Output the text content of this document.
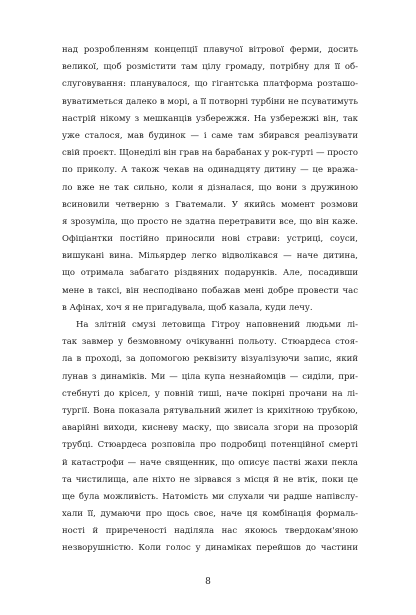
над розробленням концепції плавучої вітрової ферми, досить
великої, щоб розмістити там цілу громаду, потрібну для її об-
слуговування: планувалося, що гігантська платформа розташо-
вуватиметься далеко в морі, а її потворні турбіни не псуватимуть
настрій нікому з мешканців узбережжя. На узбережжі він, так
уже сталося, мав будинок — і саме там збирався реалізувати
свій проєкт. Щонеділі він грав на барабанах у рок-гурті — просто
по приколу. А також чекав на одинадцяту дитину — це вража-
ло вже не так сильно, коли я дізналася, що вони з дружиною
всиновили четверню з Гватемали. У якийсь момент розмови
я зрозуміла, що просто не здатна перетравити все, що він каже.
Офіціантки постійно приносили нові страви: устриці, соуси,
вишукані вина. Мільярдер легко відволікався — наче дитина,
що отримала забагато різдвяних подарунків. Але, посадивши
мене в таксі, він несподівано побажав мені добре провести час
в Афінах, хоч я не пригадувала, щоб казала, куди лечу.
На злітній смузі летовища Гітроу наповнений людьми лі-
так завмер у безмовному очікуванні польоту. Стюардеса стоя-
ла в проході, за допомогою реквізиту візуалізуючи запис, який
лунав з динаміків. Ми — ціла купа незнайомців — сиділи, при-
стебнуті до крісел, у повній тиші, наче покірні прочани на лі-
тургії. Вона показала рятувальний жилет із крихітною трубкою,
аварійні виходи, кисневу маску, що звисала згори на прозорій
трубці. Стюардеса розповіла про подробиці потенційної смерті
й катастрофи — наче священник, що описує пастві жахи пекла
та чистилища, але ніхто не зірвався з місця й не втік, поки це
ще була можливість. Натомість ми слухали чи радше напівслу-
хали її, думаючи про щось своє, наче ця комбінація формаль-
ності й приреченості наділяла нас якоюсь твердокам'яною
незворушністю. Коли голос у динаміках перейшов до частини
8
